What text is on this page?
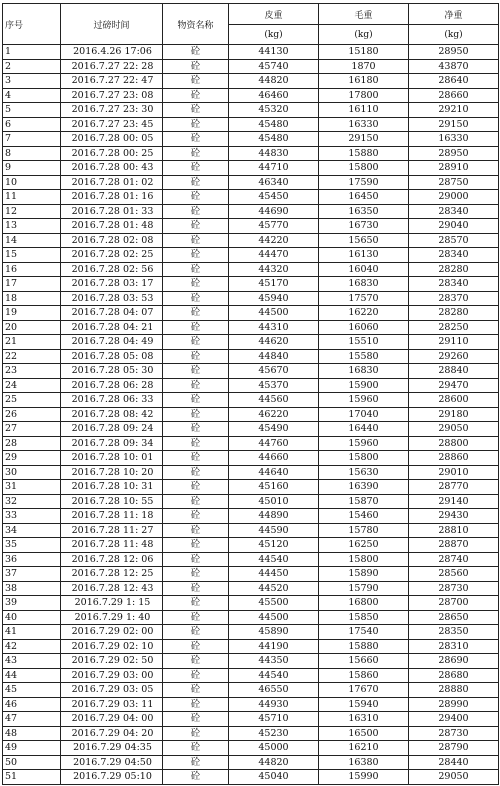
序号	过磅时间	物资名称	皮重	毛重	净重
			(kg)	(kg)	(kg)
1	2016.4.26 17:06	砼	44130	15180	28950
2	2016.7.27 22: 28	砼	45740	1870	43870
3	2016.7.27 22: 47	砼	44820	16180	28640
4	2016.7.27 23: 08	砼	46460	17800	28660
5	2016.7.27 23: 30	砼	45320	16110	29210
6	2016.7.27 23: 45	砼	45480	16330	29150
7	2016.7.28 00: 05	砼	45480	29150	16330
8	2016.7.28 00: 25	砼	44830	15880	28950
9	2016.7.28 00: 43	砼	44710	15800	28910
10	2016.7.28 01: 02	砼	46340	17590	28750
11	2016.7.28 01: 16	砼	45450	16450	29000
12	2016.7.28 01: 33	砼	44690	16350	28340
13	2016.7.28 01: 48	砼	45770	16730	29040
14	2016.7.28 02: 08	砼	44220	15650	28570
15	2016.7.28 02: 25	砼	44470	16130	28340
16	2016.7.28 02: 56	砼	44320	16040	28280
17	2016.7.28 03: 17	砼	45170	16830	28340
18	2016.7.28 03: 53	砼	45940	17570	28370
19	2016.7.28 04: 07	砼	44500	16220	28280
20	2016.7.28 04: 21	砼	44310	16060	28250
21	2016.7.28 04: 49	砼	44620	15510	29110
22	2016.7.28 05: 08	砼	44840	15580	29260
23	2016.7.28 05: 30	砼	45670	16830	28840
24	2016.7.28 06: 28	砼	45370	15900	29470
25	2016.7.28 06: 33	砼	44560	15960	28600
26	2016.7.28 08: 42	砼	46220	17040	29180
27	2016.7.28 09: 24	砼	45490	16440	29050
28	2016.7.28 09: 34	砼	44760	15960	28800
29	2016.7.28 10: 01	砼	44660	15800	28860
30	2016.7.28 10: 20	砼	44640	15630	29010
31	2016.7.28 10: 31	砼	45160	16390	28770
32	2016.7.28 10: 55	砼	45010	15870	29140
33	2016.7.28 11: 18	砼	44890	15460	29430
34	2016.7.28 11: 27	砼	44590	15780	28810
35	2016.7.28 11: 48	砼	45120	16250	28870
36	2016.7.28 12: 06	砼	44540	15800	28740
37	2016.7.28 12: 25	砼	44450	15890	28560
38	2016.7.28 12: 43	砼	44520	15790	28730
39	2016.7.29 1: 15	砼	45500	16800	28700
40	2016.7.29 1: 40	砼	44500	15850	28650
41	2016.7.29 02: 00	砼	45890	17540	28350
42	2016.7.29 02: 10	砼	44190	15880	28310
43	2016.7.29 02: 50	砼	44350	15660	28690
44	2016.7.29 03: 00	砼	44540	15860	28680
45	2016.7.29 03: 05	砼	46550	17670	28880
46	2016.7.29 03: 11	砼	44930	15940	28990
47	2016.7.29 04: 00	砼	45710	16310	29400
48	2016.7.29 04: 20	砼	45230	16500	28730
49	2016.7.29 04:35	砼	45000	16210	28790
50	2016.7.29 04:50	砼	44820	16380	28440
51	2016.7.29 05:10	砼	45040	15990	29050
